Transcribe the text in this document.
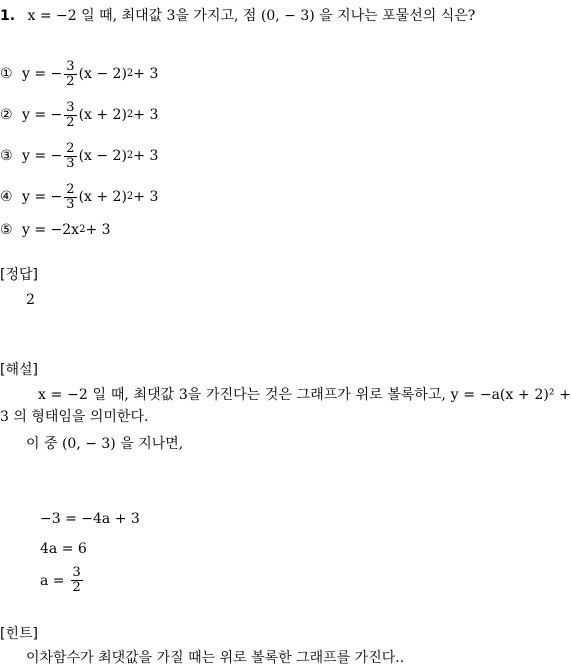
1. x = −2 일 때, 최대값 3을 가지고, 점 (0, − 3) 을 지나는 포물선의 식은?
① y = − $\frac{3}{2} (x - 2) 2 + 3$
② y = − $\frac{3}{2} (x + 2) 2 + 3$
③ y = − $\frac{2}{3} (x - 2) 2 + 3$
④ y = − $\frac{2}{3} (x + 2) 2 + 3$
⑤ y = −2x 2 + 3
[정답]
2
[해설]
x = −2 일 때, 최댓값 3을 가진다는 것은 그래프가 위로 볼록하고, y = −a(x + 2)² + 3 의 형태임을 의미한다.
이 중 (0, − 3) 을 지나면,
−3 = −4a + 3
4a = 6
$a = \frac{3}{2}$
[힌트]
이차함수가 최댓값을 가질 때는 위로 볼록한 그래프를 가진다..
